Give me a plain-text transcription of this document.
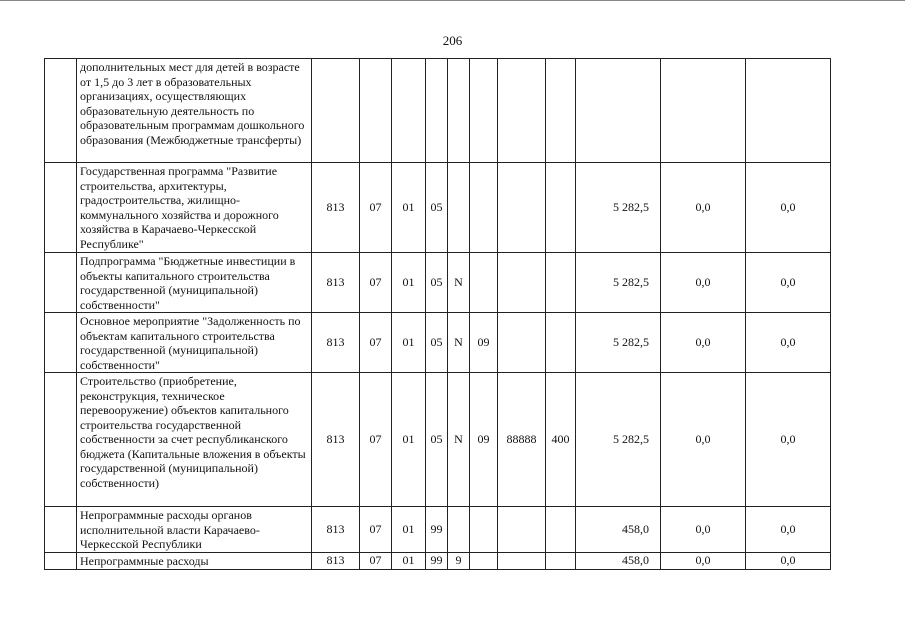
206
	дополнительных мест для детей в возрасте от 1,5 до 3 лет в образовательных организациях, осуществляющих образовательную деятельность по образовательным программам дошкольного образования (Межбюджетные трансферты)											
	Государственная программа "Развитие строительства, архитектуры, градостроительства, жилищно-коммунального хозяйства и дорожного хозяйства в Карачаево-Черкесской Республике"	813	07	01	05					5 282,5	0,0	0,0
	Подпрограмма "Бюджетные инвестиции в объекты капитального строительства государственной (муниципальной) собственности"	813	07	01	05	N				5 282,5	0,0	0,0
	Основное мероприятие "Задолженность по объектам капитального строительства государственной (муниципальной) собственности"	813	07	01	05	N	09			5 282,5	0,0	0,0
	Строительство (приобретение, реконструкция, техническое перевооружение) объектов капитального строительства государственной собственности за счет республиканского бюджета (Капитальные вложения в объекты государственной (муниципальной) собственности)	813	07	01	05	N	09	88888	400	5 282,5	0,0	0,0
	Непрограммные расходы органов исполнительной власти Карачаево-Черкесской Республики	813	07	01	99					458,0	0,0	0,0
	Непрограммные расходы	813	07	01	99	9				458,0	0,0	0,0
